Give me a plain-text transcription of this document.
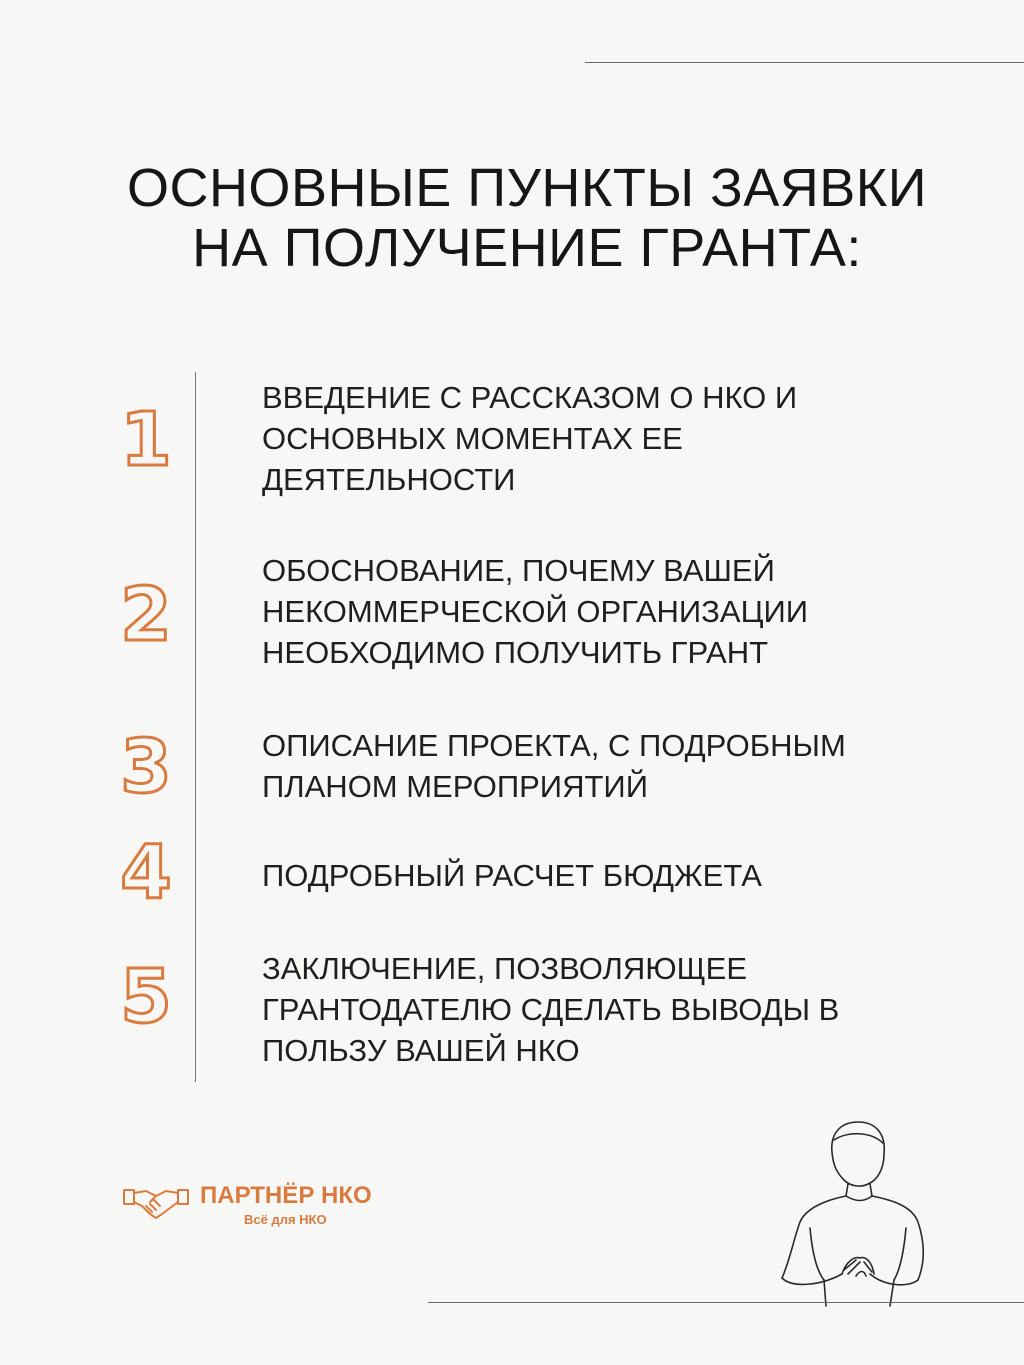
ОСНОВНЫЕ ПУНКТЫ ЗАЯВКИ
НА ПОЛУЧЕНИЕ ГРАНТА:
1	ВВЕДЕНИЕ С РАССКАЗОМ О НКО И
ОСНОВНЫХ МОМЕНТАХ ЕЕ
ДЕЯТЕЛЬНОСТИ
2
ОБОСНОВАНИЕ, ПОЧЕМУ ВАШЕЙ
НЕКОММЕРЧЕСКОЙ ОРГАНИЗАЦИИ
НЕОБХОДИМО ПОЛУЧИТЬ ГРАНТ
3	ОПИСАНИЕ ПРОЕКТА, С ПОДРОБНЫМ
ПЛАНОМ МЕРОПРИЯТИЙ
4	ПОДРОБНЫЙ РАСЧЕТ БЮДЖЕТА
5	ЗАКЛЮЧЕНИЕ, ПОЗВОЛЯЮЩЕЕ
ГРАНТОДАТЕЛЮ СДЕЛАТЬ ВЫВОДЫ В
ПОЛЬЗУ ВАШЕЙ НКО
ПАРТНЁР НКО
Всё для НКО
